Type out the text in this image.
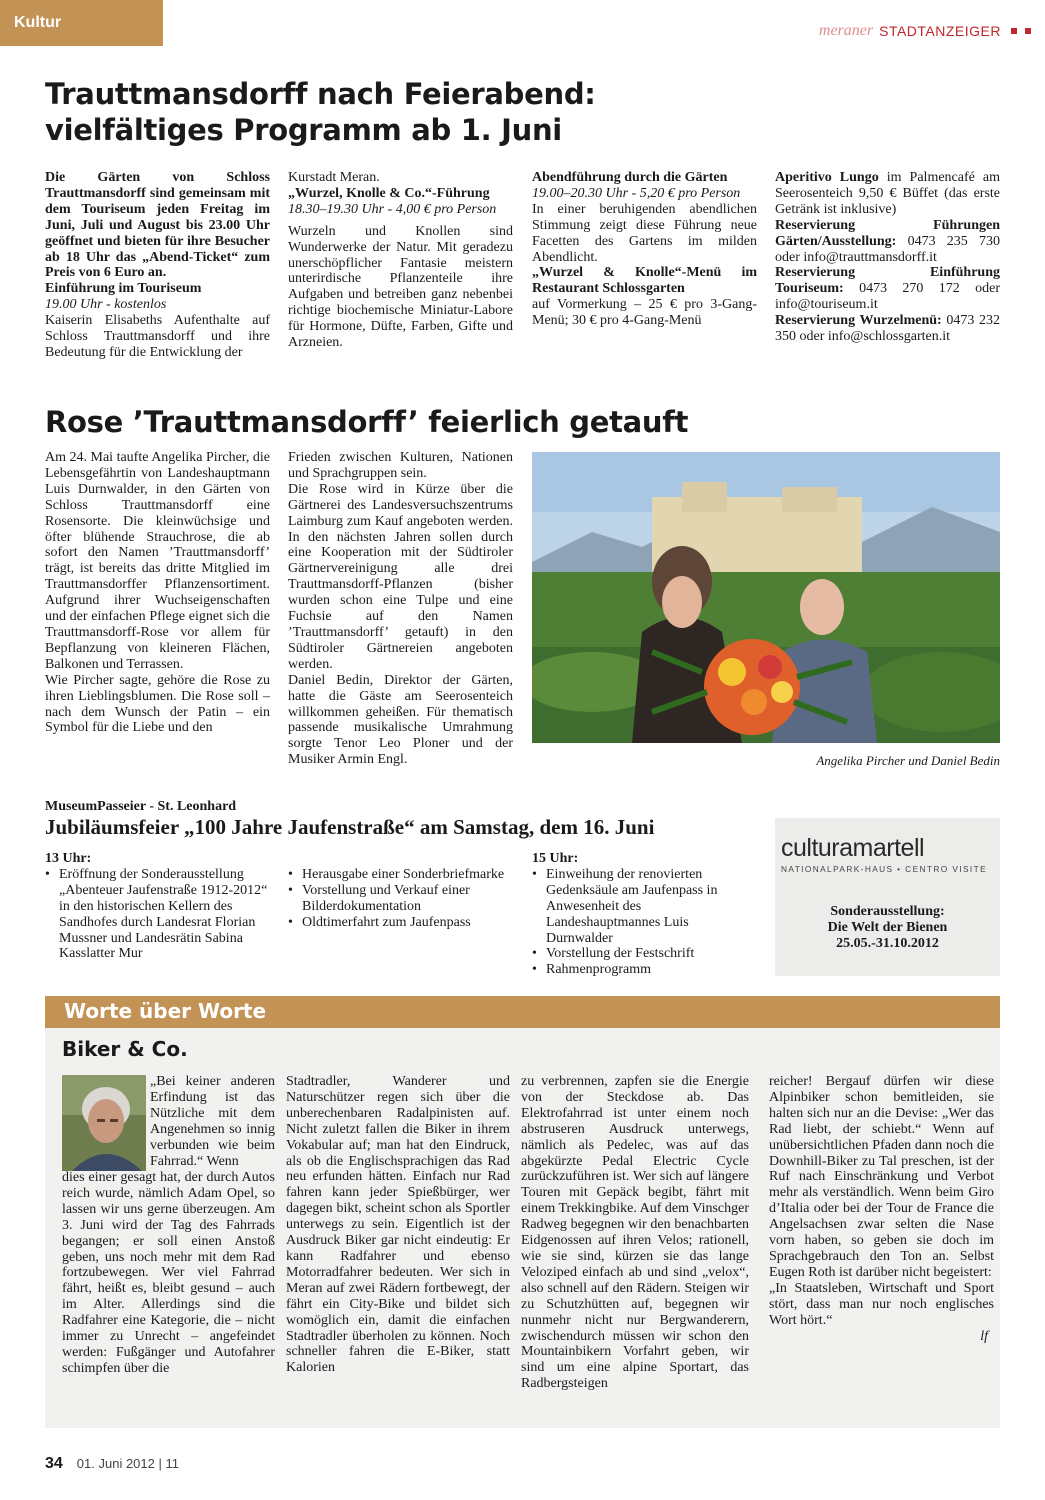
Kultur	meraner STADTANZEIGER
Trauttmansdorff nach Feierabend:
vielfältiges Programm ab 1. Juni

Die Gärten von Schloss Trauttmansdorff sind gemeinsam mit dem Touriseum jeden Freitag im Juni, Juli und August bis 23.00 Uhr geöffnet und bieten für ihre Besucher ab 18 Uhr das „Abend-Ticket“ zum Preis von 6 Euro an.

Einführung im Touriseum

19.00 Uhr - kostenlos

Kaiserin Elisabeths Aufenthalte auf Schloss Trauttmansdorff und ihre Bedeutung für die Entwicklung der

Kurstadt Meran.

„Wurzel, Knolle & Co.“-Führung

18.30–19.30 Uhr - 4,00 € pro Person

Wurzeln und Knollen sind Wunderwerke der Natur. Mit geradezu unerschöpflicher Fantasie meistern unterirdische Pflanzenteile ihre Aufgaben und betreiben ganz nebenbei richtige biochemische Miniatur-Labore für Hormone, Düfte, Farben, Gifte und Arzneien.

Abendführung durch die Gärten

19.00–20.30 Uhr - 5,20 € pro Person

In einer beruhigenden abendlichen Stimmung zeigt diese Führung neue Facetten des Gartens im milden Abendlicht.

„Wurzel & Knolle“-Menü im Restaurant Schlossgarten

auf Vormerkung – 25 € pro 3-Gang-Menü; 30 € pro 4-Gang-Menü

Aperitivo Lungo im Palmencafé am Seerosenteich 9,50 € Büffet (das erste Getränk ist inklusive)

Reservierung Führungen Gärten/Ausstellung: 0473 235 730 oder info@trauttmansdorff.it

Reservierung Einführung Touriseum: 0473 270 172 oder info@touriseum.it

Reservierung Wurzelmenü: 0473 232 350 oder info@schlossgarten.it

Rose ’Trauttmansdorff’ feierlich getauft

Am 24. Mai taufte Angelika Pircher, die Lebensgefährtin von Landeshauptmann Luis Durnwalder, in den Gärten von Schloss Trauttmansdorff eine Rosensorte. Die kleinwüchsige und öfter blühende Strauchrose, die ab sofort den Namen ’Trauttmansdorff’ trägt, ist bereits das dritte Mitglied im Trauttmansdorffer Pflanzensortiment. Aufgrund ihrer Wuchseigenschaften und der einfachen Pflege eignet sich die Trauttmansdorff-Rose vor allem für Bepflanzung von kleineren Flächen, Balkonen und Terrassen.

Wie Pircher sagte, gehöre die Rose zu ihren Lieblingsblumen. Die Rose soll – nach dem Wunsch der Patin – ein Symbol für die Liebe und den

Frieden zwischen Kulturen, Nationen und Sprachgruppen sein.

Die Rose wird in Kürze über die Gärtnerei des Landesversuchszentrums Laimburg zum Kauf angeboten werden. In den nächsten Jahren sollen durch eine Kooperation mit der Südtiroler Gärtnervereinigung alle drei Trauttmansdorff-Pflanzen (bisher wurden schon eine Tulpe und eine Fuchsie auf den Namen ’Trauttmansdorff’ getauft) in den Südtiroler Gärtnereien angeboten werden.

Daniel Bedin, Direktor der Gärten, hatte die Gäste am Seerosenteich willkommen geheißen. Für thematisch passende musikalische Umrahmung sorgte Tenor Leo Ploner und der Musiker Armin Engl.	Angelika Pircher und Daniel Bedin
MuseumPasseier - St. Leonhard
Jubiläumsfeier „100 Jahre Jaufenstraße“ am Samstag, dem 16. Juni

13 Uhr:

• Eröffnung der Sonderausstellung „Abenteuer Jaufenstraße 1912-2012“ in den historischen Kellern des Sandhofes durch Landesrat Florian Mussner und Landesrätin Sabina Kasslatter Mur
• Herausgabe einer Sonderbriefmarke
• Vorstellung und Verkauf einer Bilderdokumentation
• Oldtimerfahrt zum Jaufenpass

15 Uhr:

• Einweihung der renovierten Gedenksäule am Jaufenpass in Anwesenheit des Landeshauptmannes Luis Durnwalder
• Vorstellung der Festschrift
• Rahmenprogramm
culturamartell
NATIONALPARK-HAUS • CENTRO VISITE
Sonderausstellung:
Die Welt der Bienen
25.05.-31.10.2012
Worte über Worte
Biker & Co.

„Bei keiner anderen Erfindung ist das Nützliche mit dem Angenehmen so innig verbunden wie beim Fahrrad.“ Wenn

dies einer gesagt hat, der durch Autos reich wurde, nämlich Adam Opel, so lassen wir uns gerne überzeugen. Am 3. Juni wird der Tag des Fahrrads begangen; er soll einen Anstoß geben, uns noch mehr mit dem Rad fortzubewegen. Wer viel Fahrrad fährt, heißt es, bleibt gesund – auch im Alter. Allerdings sind die Radfahrer eine Kategorie, die – nicht immer zu Unrecht – angefeindet werden: Fußgänger und Autofahrer schimpfen über die

Stadtradler, Wanderer und Naturschützer regen sich über die unberechenbaren Radalpinisten auf. Nicht zuletzt fallen die Biker in ihrem Vokabular auf; man hat den Eindruck, als ob die Englischsprachigen das Rad neu erfunden hätten. Einfach nur Rad fahren kann jeder Spießbürger, wer dagegen bikt, scheint schon als Sportler unterwegs zu sein. Eigentlich ist der Ausdruck Biker gar nicht eindeutig: Er kann Radfahrer und ebenso Motorradfahrer bedeuten. Wer sich in Meran auf zwei Rädern fortbewegt, der fährt ein City-Bike und bildet sich womöglich ein, damit die einfachen Stadtradler überholen zu können. Noch schneller fahren die E-Biker, statt Kalorien

zu verbrennen, zapfen sie die Energie von der Steckdose ab. Das Elektrofahrrad ist unter einem noch abstruseren Ausdruck unterwegs, nämlich als Pedelec, was auf das abgekürzte Pedal Electric Cycle zurückzuführen ist. Wer sich auf längere Touren mit Gepäck begibt, fährt mit einem Trekkingbike. Auf dem Vinschger Radweg begegnen wir den benachbarten Eidgenossen auf ihren Velos; rationell, wie sie sind, kürzen sie das lange Veloziped einfach ab und sind „velox“, also schnell auf den Rädern. Steigen wir zu Schutzhütten auf, begegnen wir nunmehr nicht nur Bergwanderern, zwischendurch müssen wir schon den Mountainbikern Vorfahrt geben, wir sind um eine alpine Sportart, das Radbergsteigen

reicher! Bergauf dürfen wir diese Alpinbiker schon bemitleiden, sie halten sich nur an die Devise: „Wer das Rad liebt, der schiebt.“ Wenn auf unübersichtlichen Pfaden dann noch die Downhill-Biker zu Tal preschen, ist der Ruf nach Einschränkung und Verbot mehr als verständlich. Wenn beim Giro d’Italia oder bei der Tour de France die Angelsachsen zwar selten die Nase vorn haben, so geben sie doch im Sprachgebrauch den Ton an. Selbst Eugen Roth ist darüber nicht begeistert:

„In Staatsleben, Wirtschaft und Sport stört, dass man nur noch englisches Wort hört.“

lf

34 01. Juni 2012 | 11
